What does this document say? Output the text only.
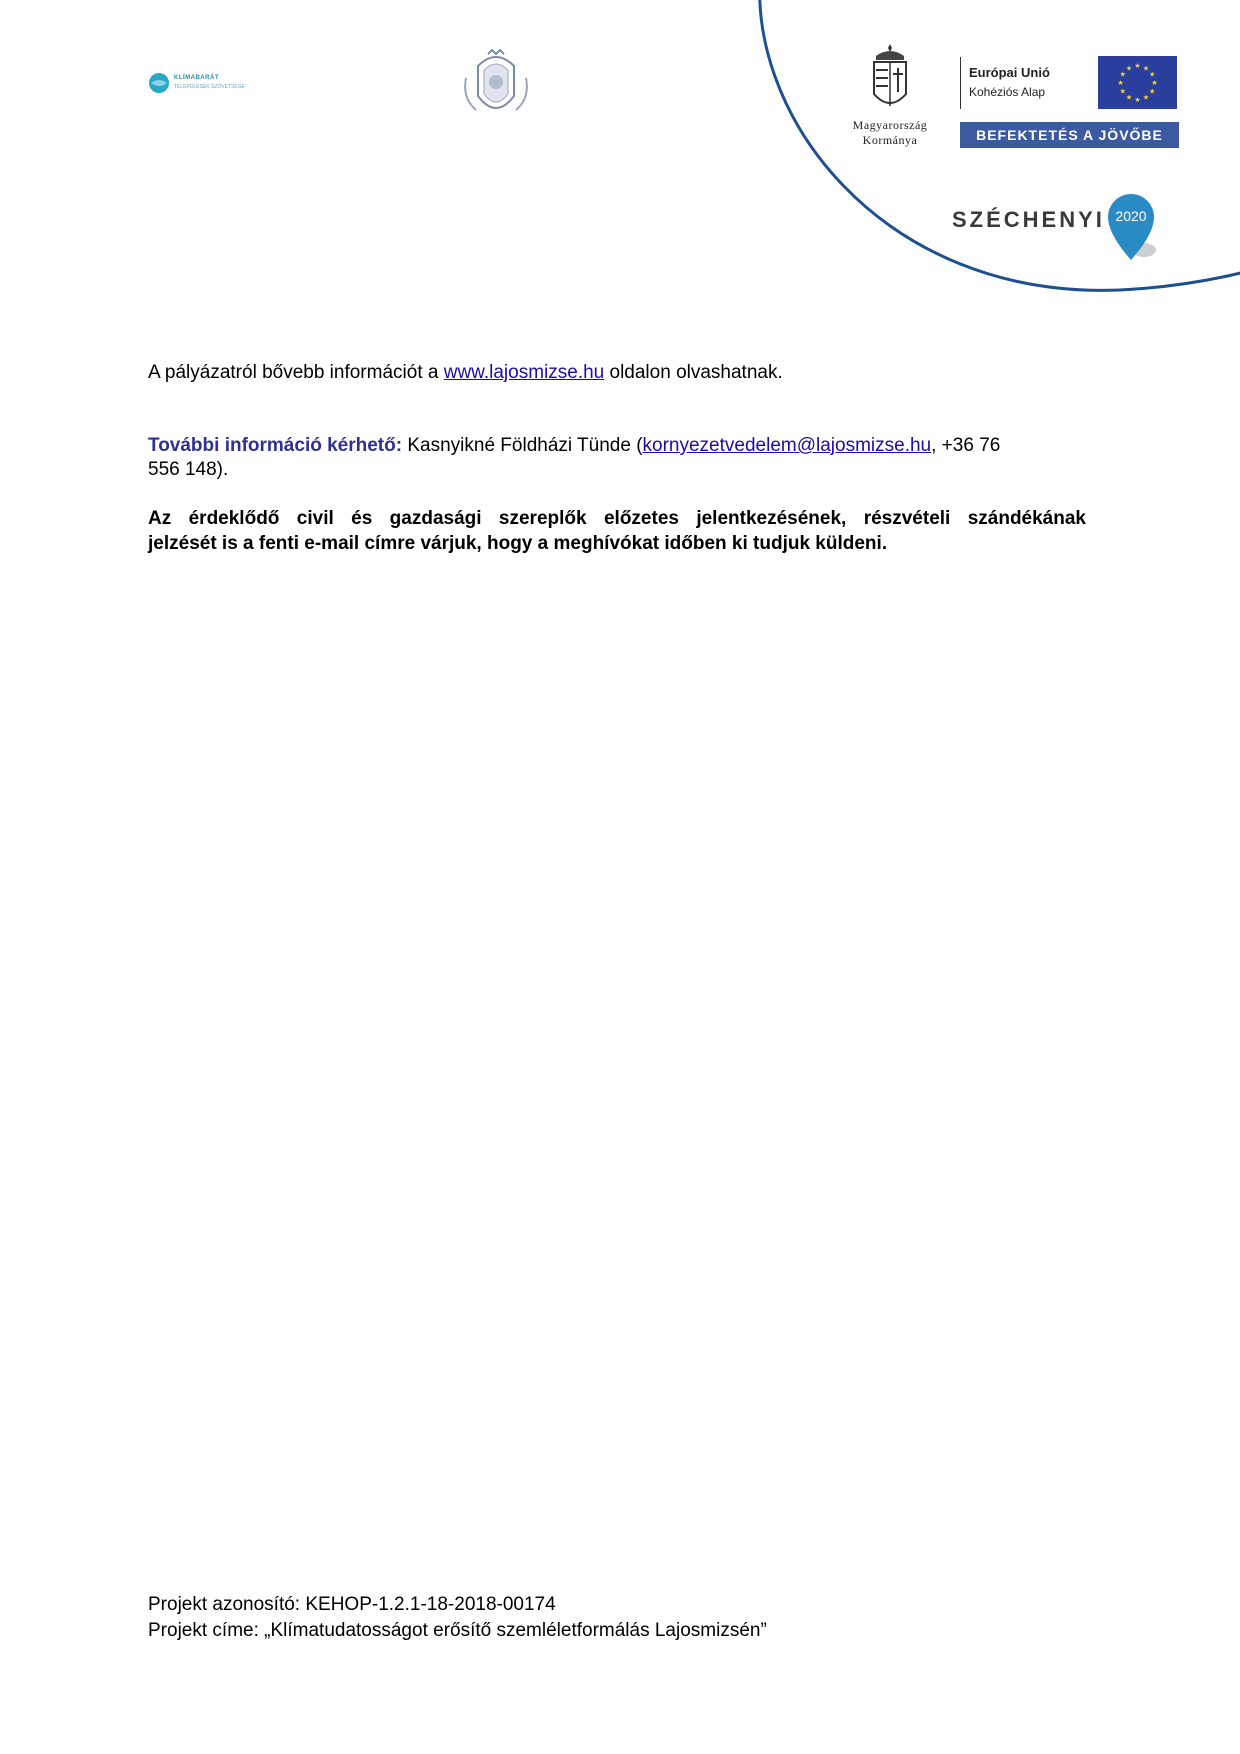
KLÍMABARÁT
TELEPÜLÉSEK SZÖVETSÉGE
Magyarország
Kormánya
Európai Unió
Kohéziós Alap
★
★
★
★
★
★
★
★
★ ★ ★
★
BEFEKTETÉS A JÖVŐBE
SZÉCHENYI 2020
A pályázatról bővebb információt a www.lajosmizse.hu oldalon olvashatnak.
További információ kérhető: Kasnyikné Földházi Tünde (kornyezetvedelem@lajosmizse.hu, +36 76
556 148).
Az érdeklődő civil és gazdasági szereplők előzetes jelentkezésének, részvételi szándékának
jelzését is a fenti e-mail címre várjuk, hogy a meghívókat időben ki tudjuk küldeni.
Projekt azonosító: KEHOP-1.2.1-18-2018-00174
Projekt címe: „Klímatudatosságot erősítő szemléletformálás Lajosmizsén”
